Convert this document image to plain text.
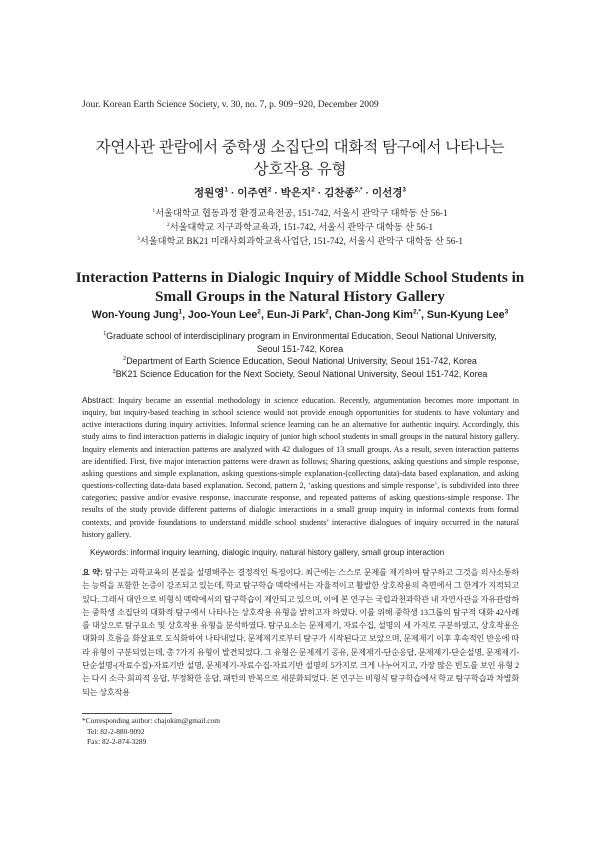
Jour. Korean Earth Science Society, v. 30, no. 7, p. 909−920, December 2009
자연사관 관람에서 중학생 소집단의 대화적 탐구에서 나타나는
상호작용 유형
정원영$^1$ · 이주연$^2$ · 박은지$^2$ · 김찬종$^{2,*}$ · 이선경$^3$
$^1$서울대학교 협동과정 환경교육전공, 151-742, 서울시 관악구 대학동 산 56-1
$^2$서울대학교 지구과학교육과, 151-742, 서울시 관악구 대학동 산 56-1
$^3$서울대학교 BK21 미래사회과학교육사업단, 151-742, 서울시 관악구 대학동 산 56-1
Interaction Patterns in Dialogic Inquiry of Middle School Students in
Small Groups in the Natural History Gallery
Won-Young Jung$^1$, Joo-Youn Lee$^2$, Eun-Ji Park$^2$, Chan-Jong Kim$^{2,*}$, Sun-Kyung Lee$^3$
$^1$Graduate school of interdisciplinary program in Environmental Education, Seoul National University,
Seoul 151-742, Korea
$^2$Department of Earth Science Education, Seoul National University, Seoul 151-742, Korea
$^3$BK21 Science Education for the Next Society, Seoul National University, Seoul 151-742, Korea
Abstract: Inquiry became an essential methodology in science education. Recently, argumentation becomes more important in inquiry, but inquiry-based teaching in school science would not provide enough opportunities for students to have voluntary and active interactions during inquiry activities. Informal science learning can be an alternative for authentic inquiry. Accordingly, this study aims to find interaction patterns in dialogic inquiry of junior high school students in small groups in the natural history gallery. Inquiry elements and interaction patterns are analyzed with 42 dialogues of 13 small groups. As a result, seven interaction patterns are identified. First, five major interaction patterns were drawn as follows; Sharing questions, asking questions and simple response, asking questions and simple explanation, asking questions-simple explanation-(collecting data)-data based explanation, and asking questions-collecting data-data based explanation. Second, pattern 2, ‘asking questions and simple response’, is subdivided into three categories; passive and/or evasive response, inaccurate response, and repeated patterns of asking questions-simple response. The results of the study provide different patterns of dialogic interactions in a small group inquiry in informal contexts from formal contexts, and provide foundations to understand middle school students’ interactive dialogues of inquiry occurred in the natural history gallery.
Keywords: informal inquiry learning, dialogic inquiry, natural history gallery, small group interaction
요 약: 탐구는 과학교육의 본질을 설명해주는 결정적인 특징이다. 최근에는 스스로 문제를 제기하여 탐구하고 그것을 의사소통하는 능력을 포함한 논증이 강조되고 있는데, 학교 탐구학습 맥락에서는 자율적이고 활발한 상호작용의 측면에서 그 한계가 지적되고 있다. 그래서 대안으로 비형식 맥락에서의 탐구학습이 제안되고 있으며, 이에 본 연구는 국립과천과학관 내 자연사관을 자유관람하는 중학생 소집단의 대화적 탐구에서 나타나는 상호작용 유형을 밝히고자 하였다. 이를 위해 중학생 13그룹의 탐구적 대화 42사례를 대상으로 탐구요소 및 상호작용 유형을 분석하였다. 탐구요소는 문제제기, 자료수집, 설명의 세 가지로 구분하였고, 상호작용은 대화의 흐름을 화살표로 도식화하여 나타내었다. 문제제기로부터 탐구가 시작된다고 보았으며, 문제제기 이후 후속적인 반응에 따라 유형이 구분되었는데, 총 7가지 유형이 발견되었다. 그 유형은 문제제기 공유, 문제제기-단순응답, 문제제기-단순설명, 문제제기-단순설명-(자료수집)-자료기반 설명, 문제제기-자료수집-자료기반 설명의 5가지로 크게 나누어지고, 가장 많은 빈도를 보인 유형 2는 다시 소극·회피적 응답, 부정확한 응답, 패턴의 반복으로 세분화되었다. 본 연구는 비형식 탐구학습에서 학교 탐구학습과 차별화되는 상호작용
*Corresponding author: chajokim@gmail.com
Tel: 82-2-880-9092
Fax: 82-2-874-3289
